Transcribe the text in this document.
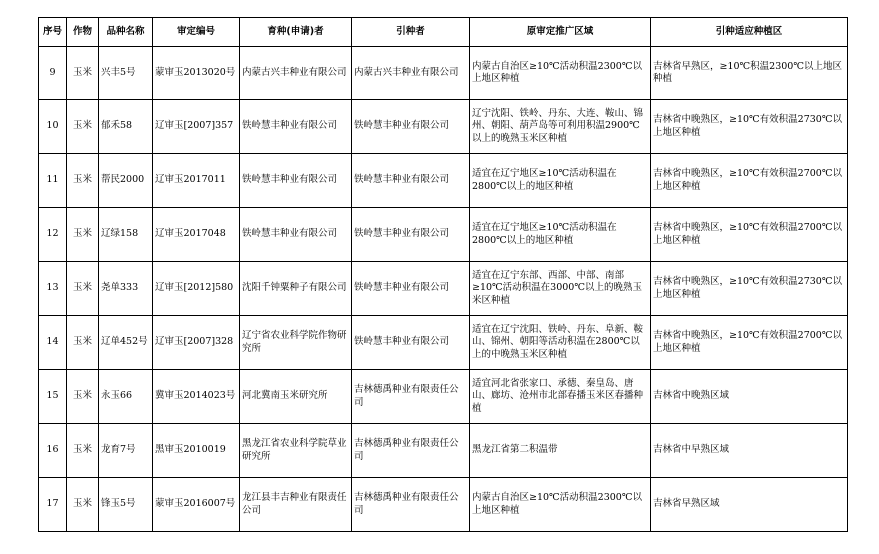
序号	作物	品种名称	审定编号	育种(申请)者	引种者	原审定推广区域	引种适应种植区
9	玉米	兴丰5号	蒙审玉2013020号	内蒙古兴丰种业有限公司	内蒙古兴丰种业有限公司	内蒙古自治区≥10℃活动积温2300℃以上地区种植	吉林省早熟区，≥10℃积温2300℃以上地区种植
10	玉米	郁禾58	辽审玉[2007]357	铁岭慧丰种业有限公司	铁岭慧丰种业有限公司	辽宁沈阳、铁岭、丹东、大连、鞍山、锦州、朝阳、葫芦岛等可利用积温2900℃以上的晚熟玉米区种植	吉林省中晚熟区，≥10℃有效积温2730℃以上地区种植
11	玉米	帮民2000	辽审玉2017011	铁岭慧丰种业有限公司	铁岭慧丰种业有限公司	适宜在辽宁地区≥10℃活动积温在2800℃以上的地区种植	吉林省中晚熟区，≥10℃有效积温2700℃以上地区种植
12	玉米	辽绿158	辽审玉2017048	铁岭慧丰种业有限公司	铁岭慧丰种业有限公司	适宜在辽宁地区≥10℃活动积温在2800℃以上的地区种植	吉林省中晚熟区，≥10℃有效积温2700℃以上地区种植
13	玉米	尧单333	辽审玉[2012]580	沈阳千钟粟种子有限公司	铁岭慧丰种业有限公司	适宜在辽宁东部、西部、中部、南部≥10℃活动积温在3000℃以上的晚熟玉米区种植	吉林省中晚熟区，≥10℃有效积温2730℃以上地区种植
14	玉米	辽单452号	辽审玉[2007]328	辽宁省农业科学院作物研究所	铁岭慧丰种业有限公司	适宜在辽宁沈阳、铁岭、丹东、阜新、鞍山、锦州、朝阳等活动积温在2800℃以上的中晚熟玉米区种植	吉林省中晚熟区，≥10℃有效积温2700℃以上地区种植
15	玉米	永玉66	冀审玉2014023号	河北冀南玉米研究所	吉林德禹种业有限责任公司	适宜河北省张家口、承德、秦皇岛、唐山、廊坊、沧州市北部春播玉米区春播种植	吉林省中晚熟区域
16	玉米	龙育7号	黑审玉2010019	黑龙江省农业科学院草业研究所	吉林德禹种业有限责任公司	黑龙江省第二积温带	吉林省中早熟区域
17	玉米	锋玉5号	蒙审玉2016007号	龙江县丰吉种业有限责任公司	吉林德禹种业有限责任公司	内蒙古自治区≥10℃活动积温2300℃以上地区种植	吉林省早熟区域
